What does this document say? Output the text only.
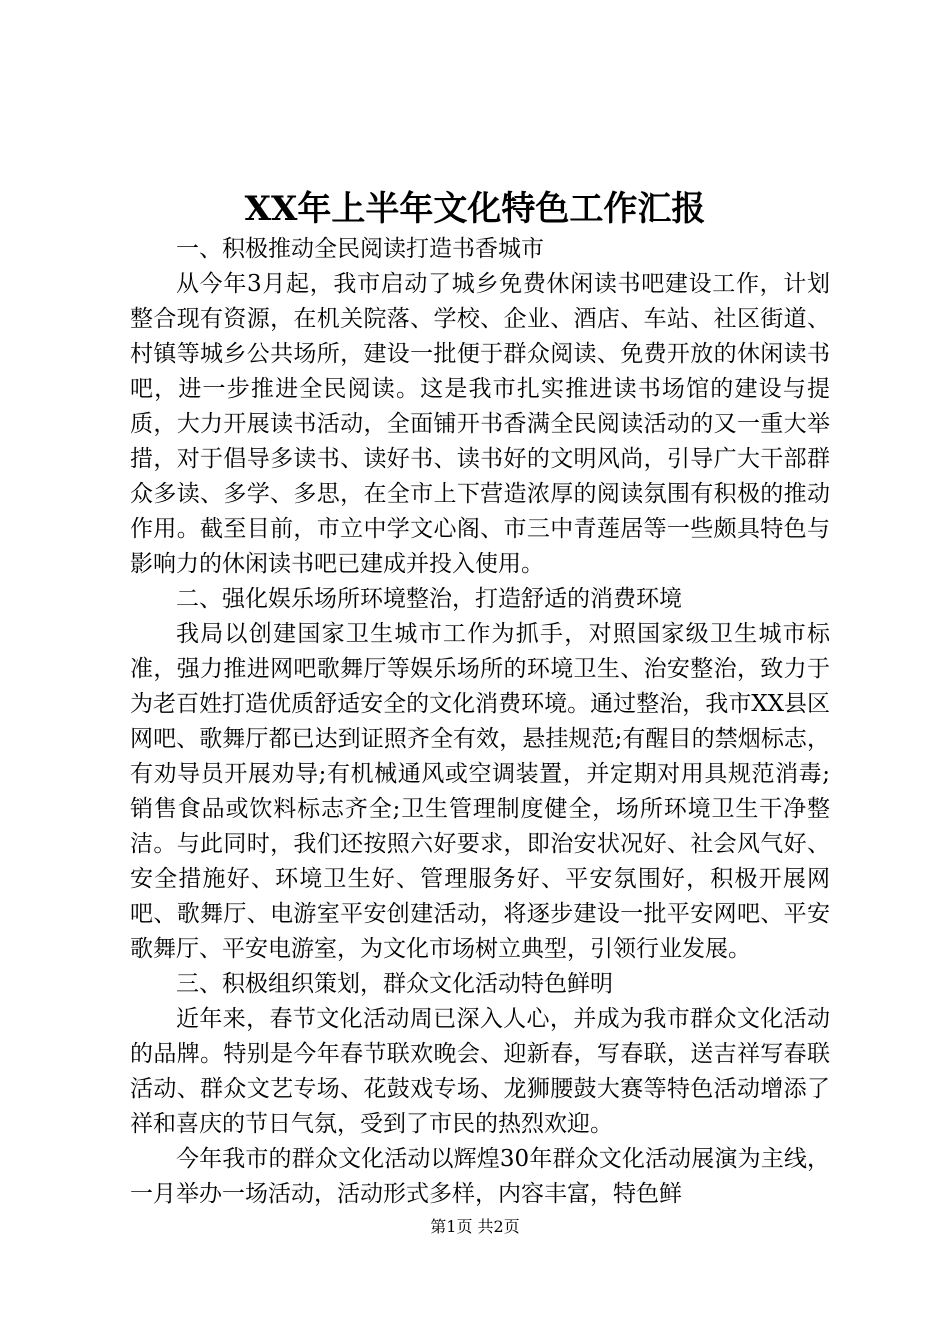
XX年上半年文化特色工作汇报

一、积极推动全民阅读打造书香城市

从今年3月起，我市启动了城乡免费休闲读书吧建设工作，计划整合现有资源，在机关院落、学校、企业、酒店、车站、社区街道、村镇等城乡公共场所，建设一批便于群众阅读、免费开放的休闲读书吧，进一步推进全民阅读。这是我市扎实推进读书场馆的建设与提质，大力开展读书活动，全面铺开书香满全民阅读活动的又一重大举措，对于倡导多读书、读好书、读书好的文明风尚，引导广大干部群众多读、多学、多思，在全市上下营造浓厚的阅读氛围有积极的推动作用。截至目前，市立中学文心阁、市三中青莲居等一些颇具特色与影响力的休闲读书吧已建成并投入使用。

二、强化娱乐场所环境整治，打造舒适的消费环境

我局以创建国家卫生城市工作为抓手，对照国家级卫生城市标准，强力推进网吧歌舞厅等娱乐场所的环境卫生、治安整治，致力于为老百姓打造优质舒适安全的文化消费环境。通过整治，我市XX县区网吧、歌舞厅都已达到证照齐全有效，悬挂规范;有醒目的禁烟标志，有劝导员开展劝导;有机械通风或空调装置，并定期对用具规范消毒;销售食品或饮料标志齐全;卫生管理制度健全，场所环境卫生干净整洁。与此同时，我们还按照六好要求，即治安状况好、社会风气好、安全措施好、环境卫生好、管理服务好、平安氛围好，积极开展网吧、歌舞厅、电游室平安创建活动，将逐步建设一批平安网吧、平安歌舞厅、平安电游室，为文化市场树立典型，引领行业发展。

三、积极组织策划，群众文化活动特色鲜明

近年来，春节文化活动周已深入人心，并成为我市群众文化活动的品牌。特别是今年春节联欢晚会、迎新春，写春联，送吉祥写春联活动、群众文艺专场、花鼓戏专场、龙狮腰鼓大赛等特色活动增添了祥和喜庆的节日气氛，受到了市民的热烈欢迎。

今年我市的群众文化活动以辉煌30年群众文化活动展演为主线，一月举办一场活动，活动形式多样，内容丰富，特色鲜

第1页 共2页
